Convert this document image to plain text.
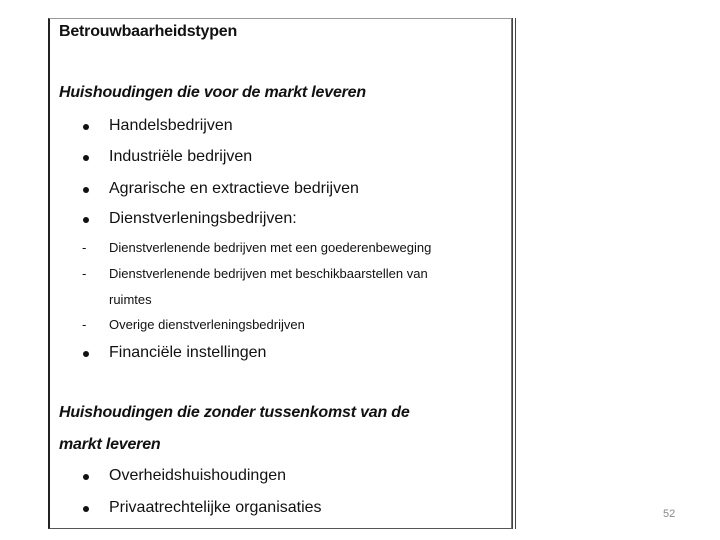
Betrouwbaarheidstypen
Huishoudingen die voor de markt leveren
Handelsbedrijven
Industriële bedrijven
Agrarische en extractieve bedrijven
Dienstverleningsbedrijven:
- Dienstverlenende bedrijven met een goederenbeweging
- Dienstverlenende bedrijven met beschikbaarstellen van
ruimtes
- Overige dienstverleningsbedrijven
Financiële instellingen
Huishoudingen die zonder tussenkomst van de
markt leveren
Overheidshuishoudingen
Privaatrechtelijke organisaties	52
